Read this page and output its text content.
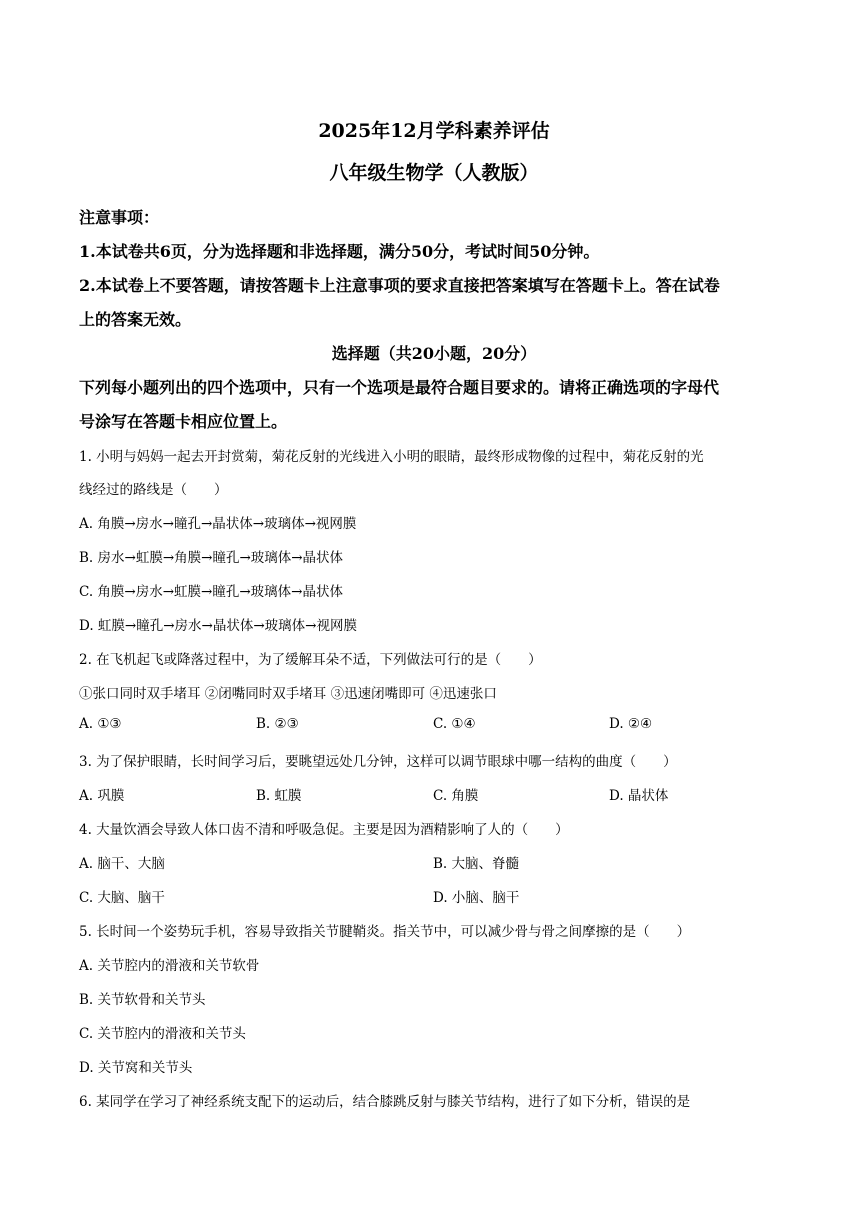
2025年12月学科素养评估
八年级生物学（人教版）
注意事项：
1.本试卷共6页，分为选择题和非选择题，满分50分，考试时间50分钟。
2.本试卷上不要答题，请按答题卡上注意事项的要求直接把答案填写在答题卡上。答在试卷
上的答案无效。
选择题（共20小题，20分）
下列每小题列出的四个选项中，只有一个选项是最符合题目要求的。请将正确选项的字母代
号涂写在答题卡相应位置上。
1. 小明与妈妈一起去开封赏菊，菊花反射的光线进入小明的眼睛，最终形成物像的过程中，菊花反射的光
线经过的路线是（　　）
A. 角膜→房水→瞳孔→晶状体→玻璃体→视网膜
B. 房水→虹膜→角膜→瞳孔→玻璃体→晶状体
C. 角膜→房水→虹膜→瞳孔→玻璃体→晶状体
D. 虹膜→瞳孔→房水→晶状体→玻璃体→视网膜
2. 在飞机起飞或降落过程中，为了缓解耳朵不适，下列做法可行的是（　　）
①张口同时双手堵耳 ②闭嘴同时双手堵耳 ③迅速闭嘴即可 ④迅速张口
A. ①③	B. ②③	C. ①④	D. ②④
3. 为了保护眼睛，长时间学习后，要眺望远处几分钟，这样可以调节眼球中哪一结构的曲度（　　）
A. 巩膜	B. 虹膜	C. 角膜	D. 晶状体
4. 大量饮酒会导致人体口齿不清和呼吸急促。主要是因为酒精影响了人的（　　）
A. 脑干、大脑	B. 大脑、脊髓
C. 大脑、脑干	D. 小脑、脑干
5. 长时间一个姿势玩手机，容易导致指关节腱鞘炎。指关节中，可以减少骨与骨之间摩擦的是（　　）
A. 关节腔内的滑液和关节软骨
B. 关节软骨和关节头
C. 关节腔内的滑液和关节头
D. 关节窝和关节头
6. 某同学在学习了神经系统支配下的运动后，结合膝跳反射与膝关节结构，进行了如下分析，错误的是
